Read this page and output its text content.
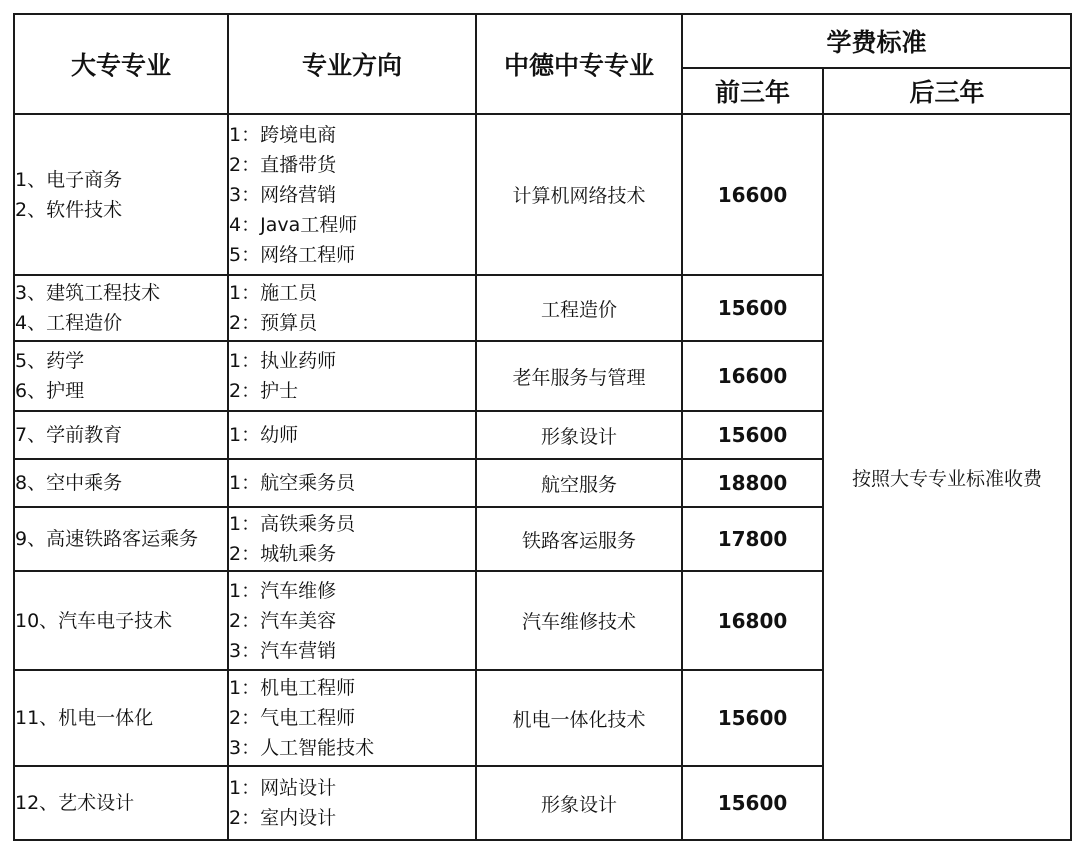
大专专业	专业方向	中德中专专业	学费标准	
			前三年	后三年

1、电子商务
2、软件技术	1：跨境电商
2：直播带货
3：网络营销
4：Java工程师
5：网络工程师	计算机网络技术	16600	按照大专专业标准收费

3、建筑工程技术
4、工程造价	1：施工员
2：预算员	工程造价	15600	

5、药学
6、护理	1：执业药师
2：护士	老年服务与管理	16600	

7、学前教育	1：幼师	形象设计	15600	

8、空中乘务	1：航空乘务员	航空服务	18800	

9、高速铁路客运乘务	1：高铁乘务员
2：城轨乘务	铁路客运服务	17800	

10、汽车电子技术	1：汽车维修
2：汽车美容
3：汽车营销	汽车维修技术	16800	

11、机电一体化	1：机电工程师
2：气电工程师
3：人工智能技术	机电一体化技术	15600	

12、艺术设计	1：网站设计
2：室内设计	形象设计	15600	
